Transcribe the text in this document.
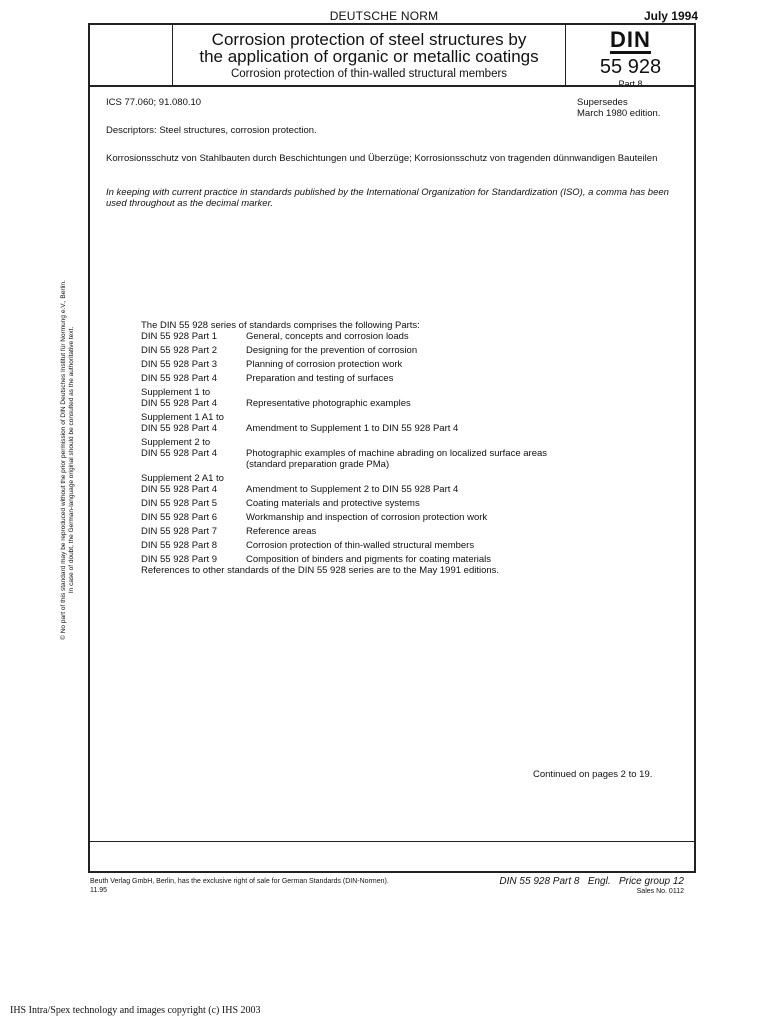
DEUTSCHE NORM	July 1994
Corrosion protection of steel structures by
the application of organic or metallic coatings
Corrosion protection of thin-walled structural members
DIN
55 928
Part 8
ICS 77.060; 91.080.10	Supersedes
March 1980 edition.
Descriptors: Steel structures, corrosion protection.
Korrosionsschutz von Stahlbauten durch Beschichtungen und Überzüge; Korrosionsschutz von tragenden dünnwandigen Bauteilen
In keeping with current practice in standards published by the International Organization for Standardization (ISO), a comma has been used throughout as the decimal marker.
The DIN 55 928 series of standards comprises the following Parts:
DIN 55 928 Part 1	General, concepts and corrosion loads
DIN 55 928 Part 2	Designing for the prevention of corrosion
DIN 55 928 Part 3	Planning of corrosion protection work
DIN 55 928 Part 4	Preparation and testing of surfaces
Supplement 1 to	
DIN 55 928 Part 4	Representative photographic examples
Supplement 1 A1 to	
DIN 55 928 Part 4	Amendment to Supplement 1 to DIN 55 928 Part 4
Supplement 2 to	
DIN 55 928 Part 4	Photographic examples of machine abrading on localized surface areas
	(standard preparation grade PMa)
Supplement 2 A1 to	
DIN 55 928 Part 4	Amendment to Supplement 2 to DIN 55 928 Part 4
DIN 55 928 Part 5	Coating materials and protective systems
DIN 55 928 Part 6	Workmanship and inspection of corrosion protection work
DIN 55 928 Part 7	Reference areas
DIN 55 928 Part 8	Corrosion protection of thin-walled structural members
DIN 55 928 Part 9	Composition of binders and pigments for coating materials
References to other standards of the DIN 55 928 series are to the May 1991 editions.
Continued on pages 2 to 19.
© No part of this standard may be reproduced without the prior permission of DIN Deutsches Institut für Normung e.V., Berlin. In case of doubt, the German-language original should be consulted as the authoritative text.
Beuth Verlag GmbH, Berlin, has the exclusive right of sale for German Standards (DIN-Normen).
11.95
DIN 55 928 Part 8 Engl. Price group 12
Sales No. 0112
IHS Intra/Spex technology and images copyright (c) IHS 2003
